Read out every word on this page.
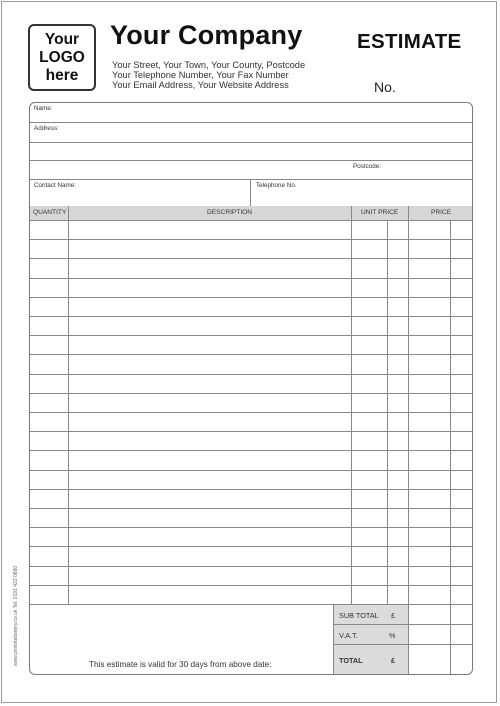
Your
LOGO
here
Your Company
Your Street, Your Town, Your County, Postcode
Your Telephone Number, Your Fax Number
Your Email Address, Your Website Address
ESTIMATE
No.
www.printstationery.co.uk Tel: 0191 422 0880
Name:
Address:
Postcode:
Contact Name:	Telephone No.
QUANTITY	DESCRIPTION	UNIT PRICE	PRICE
SUB TOTAL £
V.A.T.	%
TOTAL	£
This estimate is valid for 30 days from above date:
